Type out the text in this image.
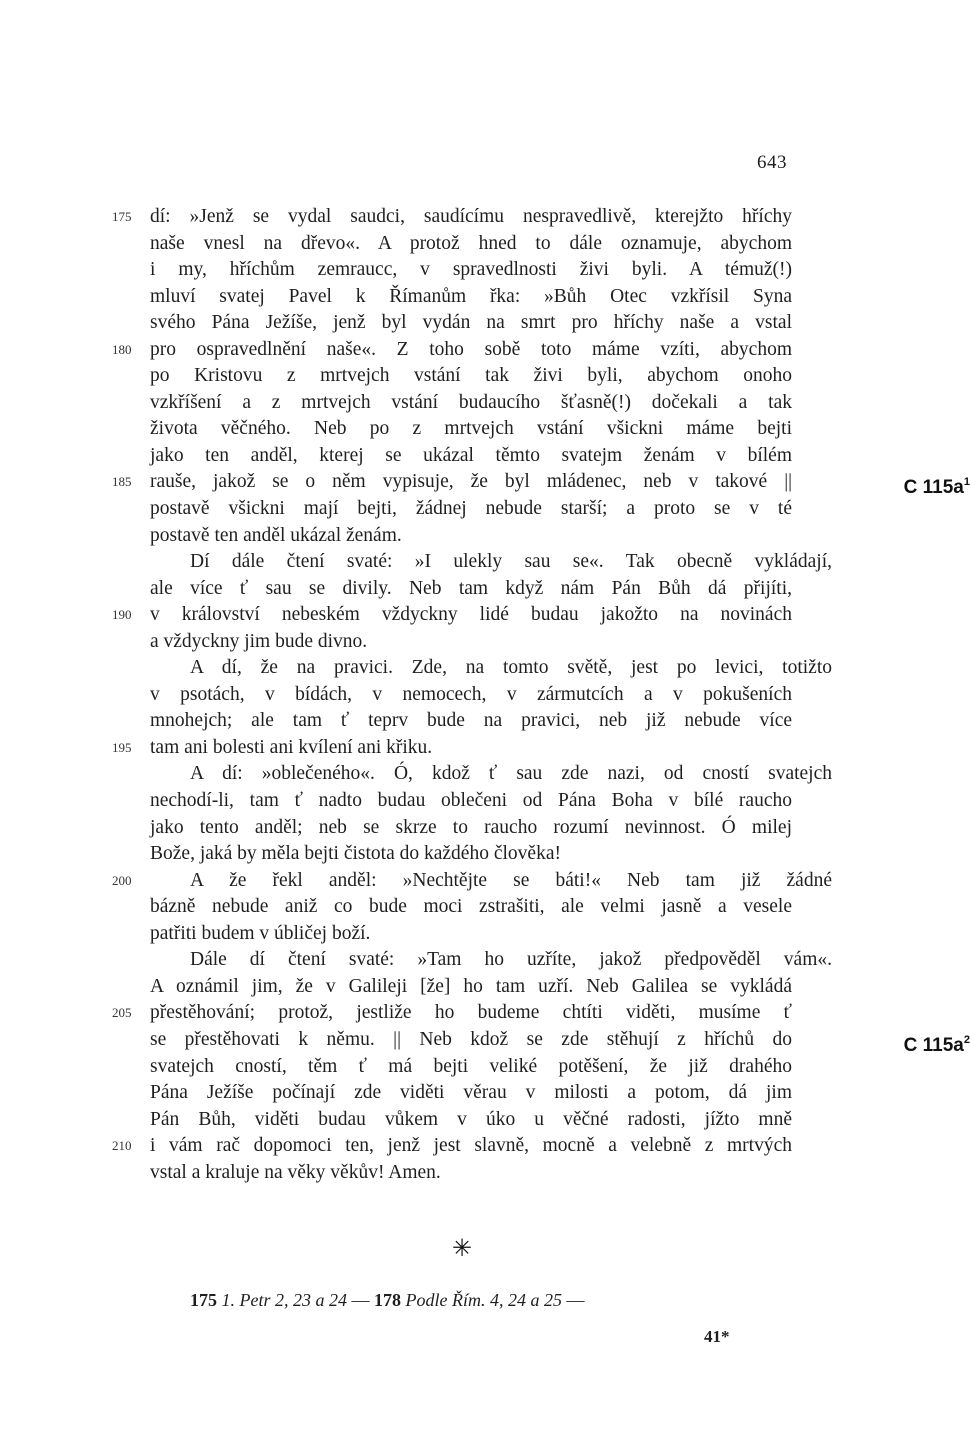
643
175 dí: »Jenž se vydal saudci, saudícímu nespravedlivě, kterejžto hříchy
naše vnesl na dřevo«. A protož hned to dále oznamuje, abychom
i my, hříchům zemraucc, v spravedlnosti živi byli. A témuž(!)
mluví svatej Pavel k Římanům řka: »Bůh Otec vzkřísil Syna
svého Pána Ježíše, jenž byl vydán na smrt pro hříchy naše a vstal
180 pro ospravedlnění naše«. Z toho sobě toto máme vzíti, abychom
po Kristovu z mrtvejch vstání tak živi byli, abychom onoho
vzkříšení a z mrtvejch vstání budaucího šťasně(!) dočekali a tak
života věčného. Neb po z mrtvejch vstání všickni máme bejti
jako ten anděl, kterej se ukázal těmto svatejm ženám v bílém
185 rauše, jakož se o něm vypisuje, že byl mládenec, neb v takové ||	C $115a^1$
postavě všickni mají bejti, žádnej nebude starší; a proto se v té
postavě ten anděl ukázal ženám.
Dí dále čtení svaté: »I ulekly sau se«. Tak obecně vykládají,
ale více ť sau se divily. Neb tam když nám Pán Bůh dá přijíti,
190 v království nebeském vždyckny lidé budau jakožto na novinách
a vždyckny jim bude divno.
A dí, že na pravici. Zde, na tomto světě, jest po levici, totižto
v psotách, v bídách, v nemocech, v zármutcích a v pokušeních
mnohejch; ale tam ť teprv bude na pravici, neb již nebude více
195 tam ani bolesti ani kvílení ani křiku.
A dí: »oblečeného«. Ó, kdož ť sau zde nazi, od cností svatejch
nechodí-li, tam ť nadto budau oblečeni od Pána Boha v bílé raucho
jako tento anděl; neb se skrze to raucho rozumí nevinnost. Ó milej
Bože, jaká by měla bejti čistota do každého člověka!
200	A že řekl anděl: »Nechtějte se báti!« Neb tam již žádné
bázně nebude aniž co bude moci zstrašiti, ale velmi jasně a vesele
patřiti budem v úbličej boží.
Dále dí čtení svaté: »Tam ho uzříte, jakož předpověděl vám«.
A oznámil jim, že v Galileji [že] ho tam uzří. Neb Galilea se vykládá
205 přestěhování; protož, jestliže ho budeme chtíti viděti, musíme ť
se přestěhovati k němu. || Neb kdož se zde stěhují z hříchů do	C $115a^2$
svatejch cností, těm ť má bejti veliké potěšení, že již drahého
Pána Ježíše počínají zde viděti věrau v milosti a potom, dá jim
Pán Bůh, viděti budau vůkem v úko u věčné radosti, jížto mně
210 i vám rač dopomoci ten, jenž jest slavně, mocně a velebně z mrtvých
vstal a kraluje na věky věkův! Amen.
✳
175 1. Petr 2, 23 a 24 — 178 Podle Řím. 4, 24 a 25 —
41*
